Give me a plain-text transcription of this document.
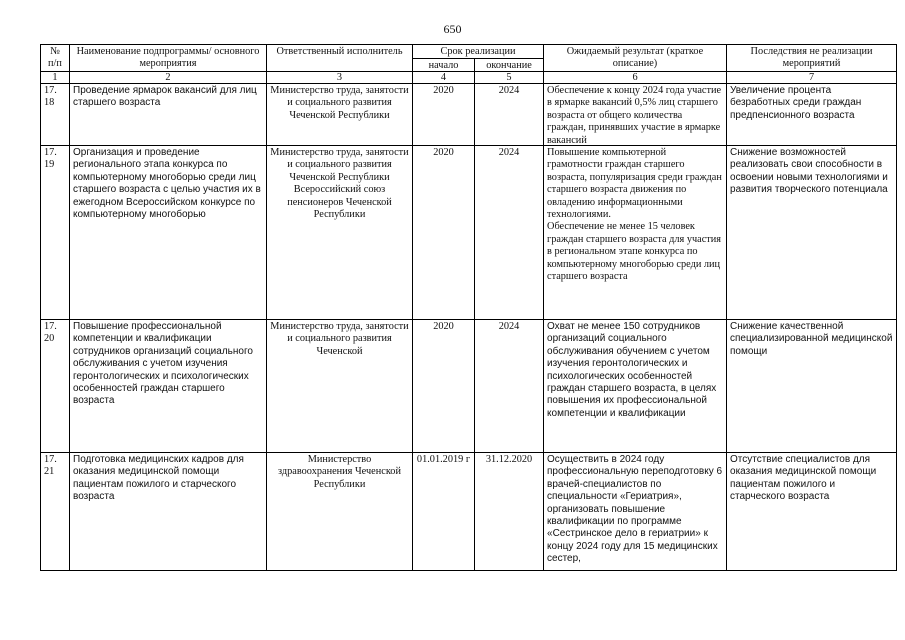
650
№
п/п	Наименование подпрограммы/ основного мероприятия	Ответственный исполнитель	Срок реализации		Ожидаемый результат (краткое описание)	Последствия не реализации мероприятий
			начало	окончание		
1	2	3	4	5	6	7

17.
18	Проведение ярмарок вакансий для лиц старшего возраста	Министерство труда, занятости и социального развития Чеченской Республики	2020	2024	Обеспечение к концу 2024 года участие в ярмарке вакансий 0,5% лиц старшего возраста от общего количества граждан, принявших участие в ярмарке вакансий	Увеличение процента безработных среди граждан предпенсионного возраста

17.
19	Организация и проведение регионального этапа конкурса по компьютерному многоборью среди лиц старшего возраста с целью участия их в ежегодном Всероссийском конкурсе по компьютерному многоборью	Министерство труда, занятости и социального развития Чеченской Республики Всероссийский союз пенсионеров Чеченской Республики	2020	2024	Повышение компьютерной грамотности граждан старшего возраста, популяризация среди граждан старшего возраста движения по овладению информационными технологиями.
Обеспечение не менее 15 человек граждан старшего возраста для участия в региональном этапе конкурса по компьютерному многоборью среди лиц старшего возраста	Снижение возможностей реализовать свои способности в освоении новыми технологиями и развития творческого потенциала

17.
20	Повышение профессиональной компетенции и квалификации сотрудников организаций социального обслуживания с учетом изучения геронтологических и психологических особенностей граждан старшего возраста	Министерство труда, занятости и социального развития Чеченской	2020	2024	Охват не менее 150 сотрудников организаций социального обслуживания обучением с учетом изучения геронтологических и психологических особенностей граждан старшего возраста, в целях повышения их профессиональной компетенции и квалификации	Снижение качественной специализированной медицинской помощи

17.
21	Подготовка медицинских кадров для оказания медицинской помощи пациентам пожилого и старческого возраста	Министерство здравоохранения Чеченской Республики	01.01.2019 г	31.12.2020	Осуществить в 2024 году профессиональную переподготовку 6 врачей-специалистов по специальности «Гериатрия», организовать повышение квалификации по программе «Сестринское дело в гериатрии» к концу 2024 году для 15 медицинских сестер,	Отсутствие специалистов для оказания медицинской помощи пациентам пожилого и старческого возраста
